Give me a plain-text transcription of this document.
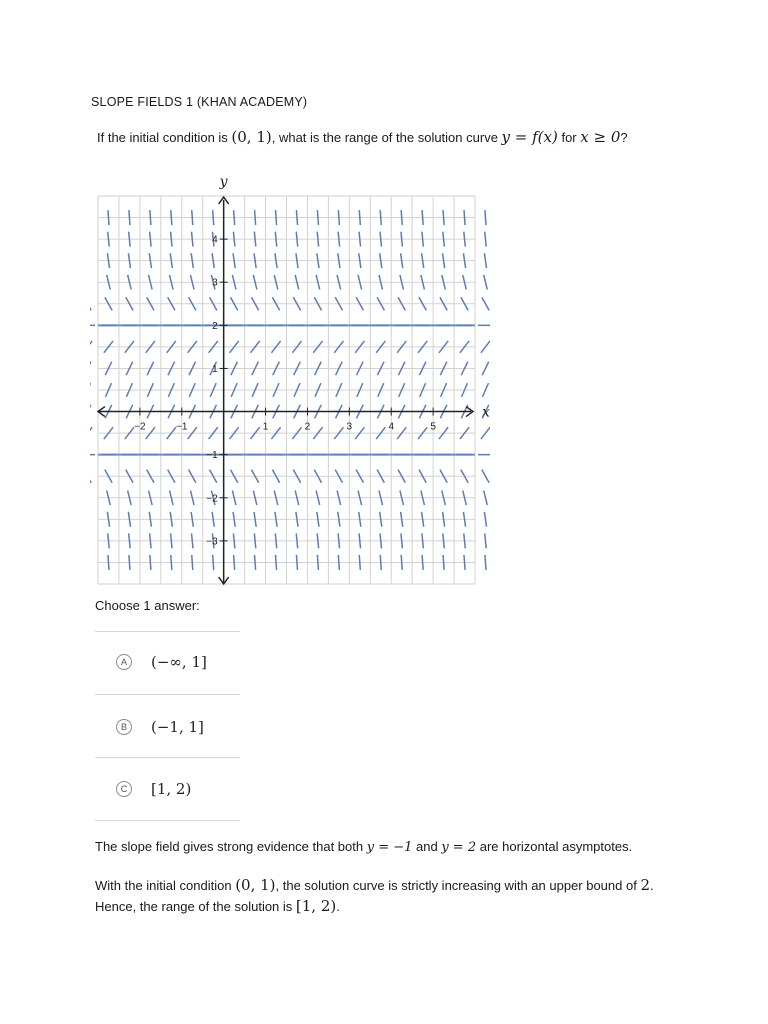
SLOPE FIELDS 1 (KHAN ACADEMY)
If the initial condition is (0, 1), what is the range of the solution curve y = f(x) for x ≥ 0?
x
y
−2	−1	1	2	3	4	5
−3
−2
−1
1
2
3
4
Choose 1 answer:
A	(−∞, 1]
B	(−1, 1]
C	[1, 2)
The slope field gives strong evidence that both y = −1 and y = 2 are horizontal asymptotes.
With the initial condition (0, 1), the solution curve is strictly increasing with an upper bound of 2. Hence, the range of the solution is [1, 2).
